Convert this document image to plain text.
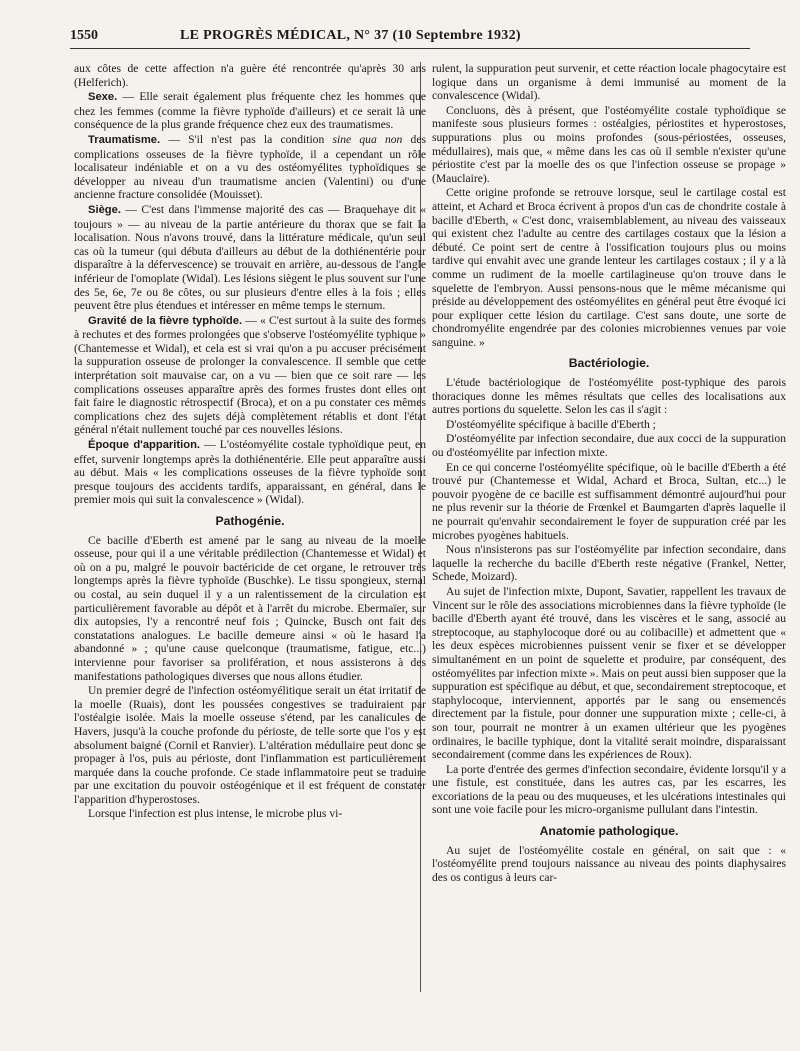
1550	LE PROGRÈS MÉDICAL, N° 37 (10 Septembre 1932)

aux côtes de cette affection n'a guère été rencontrée qu'après 30 ans (Helferich).

Sexe. — Elle serait également plus fréquente chez les hommes que chez les femmes (comme la fièvre typhoïde d'ailleurs) et ce serait là une conséquence de la plus grande fréquence chez eux des traumatismes.

Traumatisme. — S'il n'est pas la condition sine qua non des complications osseuses de la fièvre typhoïde, il a cependant un rôle localisateur indéniable et on a vu des ostéomyélites typhoïdiques se développer au niveau d'un traumatisme ancien (Valentini) ou d'une ancienne fracture consolidée (Mouisset).

Siège. — C'est dans l'immense majorité des cas — Braquehaye dit « toujours » — au niveau de la partie antérieure du thorax que se fait la localisation. Nous n'avons trouvé, dans la littérature médicale, qu'un seul cas où la tumeur (qui débuta d'ailleurs au début de la dothiénentérie pour disparaître à la défervescence) se trouvait en arrière, au-dessous de l'angle inférieur de l'omoplate (Widal). Les lésions siègent le plus souvent sur l'une des 5e, 6e, 7e ou 8e côtes, ou sur plusieurs d'entre elles à la fois ; elles peuvent être plus étendues et intéresser en même temps le sternum.

Gravité de la fièvre typhoïde. — « C'est surtout à la suite des formes à rechutes et des formes prolongées que s'observe l'ostéomyélite typhique » (Chantemesse et Widal), et cela est si vrai qu'on a pu accuser précisément la suppuration osseuse de prolonger la convalescence. Il semble que cette interprétation soit mauvaise car, on a vu — bien que ce soit rare — les complications osseuses apparaître après des formes frustes dont elles ont fait faire le diagnostic rétrospectif (Broca), et on a pu constater ces mêmes complications chez des sujets déjà complètement rétablis et dont l'état général n'était nullement touché par ces nouvelles lésions.

Époque d'apparition. — L'ostéomyélite costale typhoïdique peut, en effet, survenir longtemps après la dothiénentérie. Elle peut apparaître aussi au début. Mais « les complications osseuses de la fièvre typhoïde sont presque toujours des accidents tardifs, apparaissant, en général, dans le premier mois qui suit la convalescence » (Widal).

Pathogénie.

Ce bacille d'Eberth est amené par le sang au niveau de la moelle osseuse, pour qui il a une véritable prédilection (Chantemesse et Widal) et où on a pu, malgré le pouvoir bactéricide de cet organe, le retrouver très longtemps après la fièvre typhoïde (Buschke). Le tissu spongieux, sternal ou costal, au sein duquel il y a un ralentissement de la circulation est particulièrement favorable au dépôt et à l'arrêt du microbe. Ebermaïer, sur dix autopsies, l'y a rencontré neuf fois ; Quincke, Busch ont fait des constatations analogues. Le bacille demeure ainsi « où le hasard l'a abandonné » ; qu'une cause quelconque (traumatisme, fatigue, etc...) intervienne pour favoriser sa prolifération, et nous assisterons à des manifestations pathologiques diverses que nous allons étudier.

Un premier degré de l'infection ostéomyélitique serait un état irritatif de la moelle (Ruais), dont les poussées congestives se traduiraient par l'ostéalgie isolée. Mais la moelle osseuse s'étend, par les canalicules de Havers, jusqu'à la couche profonde du périoste, de telle sorte que l'os y est absolument baigné (Cornil et Ranvier). L'altération médullaire peut donc se propager à l'os, puis au périoste, dont l'inflammation est particulièrement marquée dans la couche profonde. Ce stade inflammatoire peut se traduire par une excitation du pouvoir ostéogénique et il est fréquent de constater l'apparition d'hyperostoses.

Lorsque l'infection est plus intense, le microbe plus vi-

rulent, la suppuration peut survenir, et cette réaction locale phagocytaire est logique dans un organisme à demi immunisé au moment de la convalescence (Widal).

Concluons, dès à présent, que l'ostéomyélite costale typhoïdique se manifeste sous plusieurs formes : ostéalgies, périostites et hyperostoses, suppurations plus ou moins profondes (sous-périostées, osseuses, médullaires), mais que, « même dans les cas où il semble n'exister qu'une périostite c'est par la moelle des os que l'infection osseuse se propage » (Mauclaire).

Cette origine profonde se retrouve lorsque, seul le cartilage costal est atteint, et Achard et Broca écrivent à propos d'un cas de chondrite costale à bacille d'Eberth, « C'est donc, vraisemblablement, au niveau des vaisseaux qui existent chez l'adulte au centre des cartilages costaux que la lésion a débuté. Ce point sert de centre à l'ossification toujours plus ou moins tardive qui envahit avec une grande lenteur les cartilages costaux ; il y a là comme un rudiment de la moelle cartilagineuse qu'on trouve dans le squelette de l'embryon. Aussi pensons-nous que le même mécanisme qui préside au développement des ostéomyélites en général peut être évoqué ici pour expliquer cette lésion du cartilage. C'est sans doute, une sorte de chondromyélite engendrée par des colonies microbiennes venues par voie sanguine. »

Bactériologie.

L'étude bactériologique de l'ostéomyélite post-typhique des parois thoraciques donne les mêmes résultats que celles des localisations aux autres portions du squelette. Selon les cas il s'agit :

D'ostéomyélite spécifique à bacille d'Eberth ;

D'ostéomyélite par infection secondaire, due aux cocci de la suppuration ou d'ostéomyélite par infection mixte.

En ce qui concerne l'ostéomyélite spécifique, où le bacille d'Eberth a été trouvé pur (Chantemesse et Widal, Achard et Broca, Sultan, etc...) le pouvoir pyogène de ce bacille est suffisamment démontré aujourd'hui pour ne plus revenir sur la théorie de Frœnkel et Baumgarten d'après laquelle il ne pourrait qu'envahir secondairement le foyer de suppuration créé par les microbes pyogènes habituels.

Nous n'insisterons pas sur l'ostéomyélite par infection secondaire, dans laquelle la recherche du bacille d'Eberth reste négative (Frankel, Netter, Schede, Moizard).

Au sujet de l'infection mixte, Dupont, Savatier, rappellent les travaux de Vincent sur le rôle des associations microbiennes dans la fièvre typhoïde (le bacille d'Eberth ayant été trouvé, dans les viscères et le sang, associé au streptocoque, au staphylocoque doré ou au colibacille) et admettent que « les deux espèces microbiennes puissent venir se fixer et se développer simultanément en un point de squelette et produire, par conséquent, des ostéomyélites par infection mixte ». Mais on peut aussi bien supposer que la suppuration est spécifique au début, et que, secondairement streptocoque, et staphylocoque, interviennent, apportés par le sang ou ensemencés directement par la fistule, pour donner une suppuration mixte ; celle-ci, à son tour, pourrait ne montrer à un examen ultérieur que les pyogènes ordinaires, le bacille typhique, dont la vitalité serait moindre, disparaissant secondairement (comme dans les expériences de Roux).

La porte d'entrée des germes d'infection secondaire, évidente lorsqu'il y a une fistule, est constituée, dans les autres cas, par les escarres, les excoriations de la peau ou des muqueuses, et les ulcérations intestinales qui sont une voie facile pour les micro-organisme pullulant dans l'intestin.

Anatomie pathologique.

Au sujet de l'ostéomyélite costale en général, on sait que : « l'ostéomyélite prend toujours naissance au niveau des points diaphysaires des os contigus à leurs car-
